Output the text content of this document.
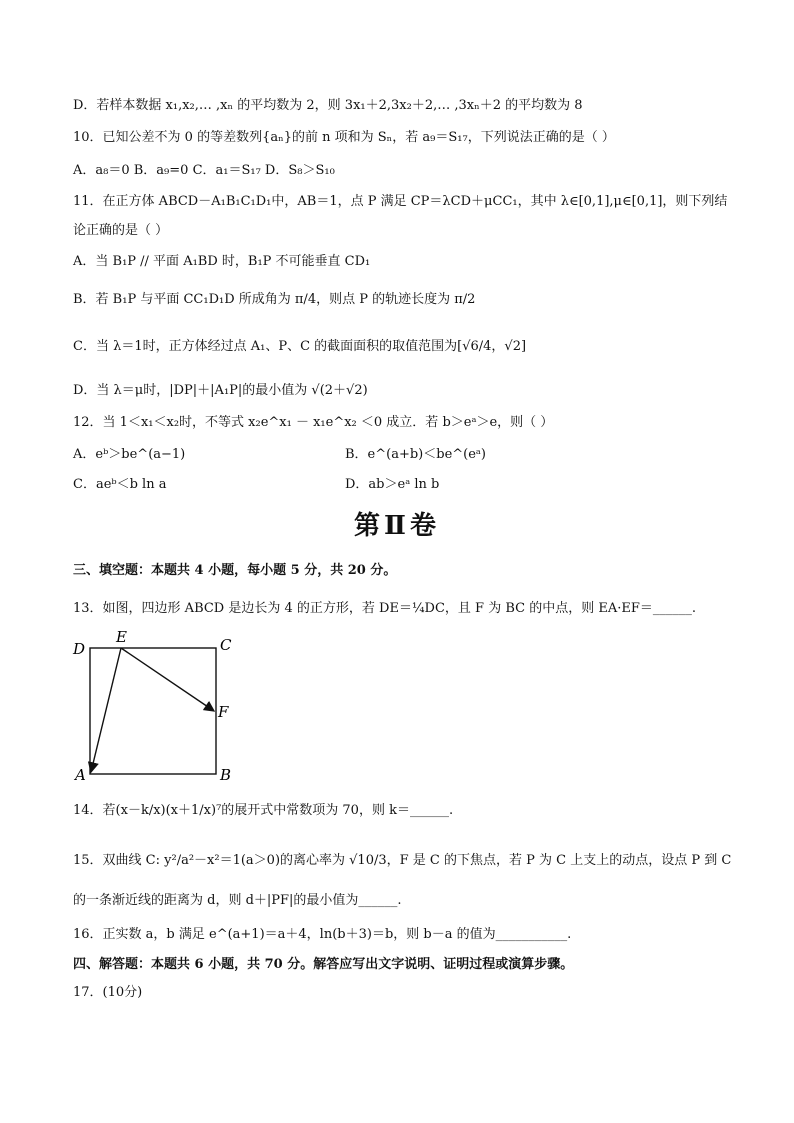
D．若样本数据 x₁,x₂,… ,xₙ 的平均数为 2，则 3x₁＋2,3x₂＋2,… ,3xₙ＋2 的平均数为 8
10．已知公差不为 0 的等差数列{aₙ}的前 n 项和为 Sₙ，若 a₉＝S₁₇，下列说法正确的是（ ）
A．a₈＝0 B．a₉=0 C．a₁＝S₁₇ D．S₈＞S₁₀
11．在正方体 ABCD－A₁B₁C₁D₁中，AB＝1，点 P 满足 CP＝λCD＋μCC₁，其中 λ∈[0,1],μ∈[0,1]，则下列结
论正确的是（ ）
A．当 B₁P // 平面 A₁BD 时，B₁P 不可能垂直 CD₁
B．若 B₁P 与平面 CC₁D₁D 所成角为 π/4，则点 P 的轨迹长度为 π/2
C．当 λ＝1时，正方体经过点 A₁、P、C 的截面面积的取值范围为[√6/4，√2]
D．当 λ＝μ时，|DP|＋|A₁P|的最小值为 √(2＋√2)
12．当 1＜x₁＜x₂时，不等式 x₂e^x₁ － x₁e^x₂ ＜0 成立．若 b＞eᵃ＞e，则（ ）
A．eᵇ＞be^(a−1)	B．e^(a+b)＜be^(eᵃ)
C．aeᵇ＜b ln a	D．ab＞eᵃ ln b
第Ⅱ卷
三、填空题：本题共 4 小题，每小题 5 分，共 20 分。
13．如图，四边形 ABCD 是边长为 4 的正方形，若 DE＝¼DC，且 F 为 BC 的中点，则 EA·EF＝______.
D
E	C
F
A	B
14．若(x－k/x)(x＋1/x)⁷的展开式中常数项为 70，则 k＝______.
15．双曲线 C: y²/a²－x²＝1(a＞0)的离心率为 √10/3，F 是 C 的下焦点，若 P 为 C 上支上的动点，设点 P 到 C
的一条渐近线的距离为 d，则 d＋|PF|的最小值为______.
16．正实数 a，b 满足 e^(a+1)＝a＋4，ln(b＋3)＝b，则 b－a 的值为___________.
四、解答题：本题共 6 小题，共 70 分。解答应写出文字说明、证明过程或演算步骤。
17．(10分)
